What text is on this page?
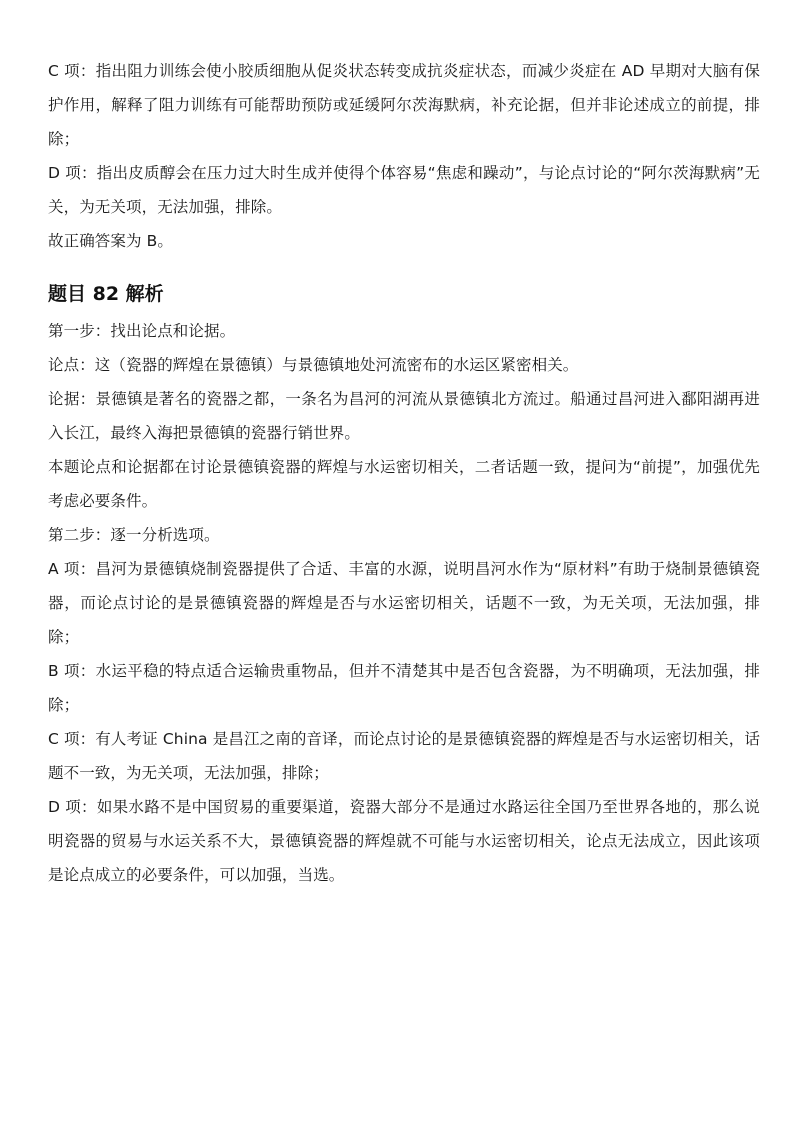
C 项：指出阻力训练会使小胶质细胞从促炎状态转变成抗炎症状态，而减少炎症在 AD 早期对大脑有保护作用，解释了阻力训练有可能帮助预防或延缓阿尔茨海默病，补充论据，但并非论述成立的前提，排除；

D 项：指出皮质醇会在压力过大时生成并使得个体容易“焦虑和躁动”，与论点讨论的“阿尔茨海默病”无关，为无关项，无法加强，排除。

故正确答案为 B。

题目 82 解析

第一步：找出论点和论据。

论点：这（瓷器的辉煌在景德镇）与景德镇地处河流密布的水运区紧密相关。

论据：景德镇是著名的瓷器之都，一条名为昌河的河流从景德镇北方流过。船通过昌河进入鄱阳湖再进入长江，最终入海把景德镇的瓷器行销世界。

本题论点和论据都在讨论景德镇瓷器的辉煌与水运密切相关，二者话题一致，提问为“前提”，加强优先考虑必要条件。

第二步：逐一分析选项。

A 项：昌河为景德镇烧制瓷器提供了合适、丰富的水源，说明昌河水作为“原材料”有助于烧制景德镇瓷器，而论点讨论的是景德镇瓷器的辉煌是否与水运密切相关，话题不一致，为无关项，无法加强，排除；

B 项：水运平稳的特点适合运输贵重物品，但并不清楚其中是否包含瓷器，为不明确项，无法加强，排除；

C 项：有人考证 China 是昌江之南的音译，而论点讨论的是景德镇瓷器的辉煌是否与水运密切相关，话题不一致，为无关项，无法加强，排除；

D 项：如果水路不是中国贸易的重要渠道，瓷器大部分不是通过水路运往全国乃至世界各地的，那么说明瓷器的贸易与水运关系不大，景德镇瓷器的辉煌就不可能与水运密切相关，论点无法成立，因此该项是论点成立的必要条件，可以加强，当选。
